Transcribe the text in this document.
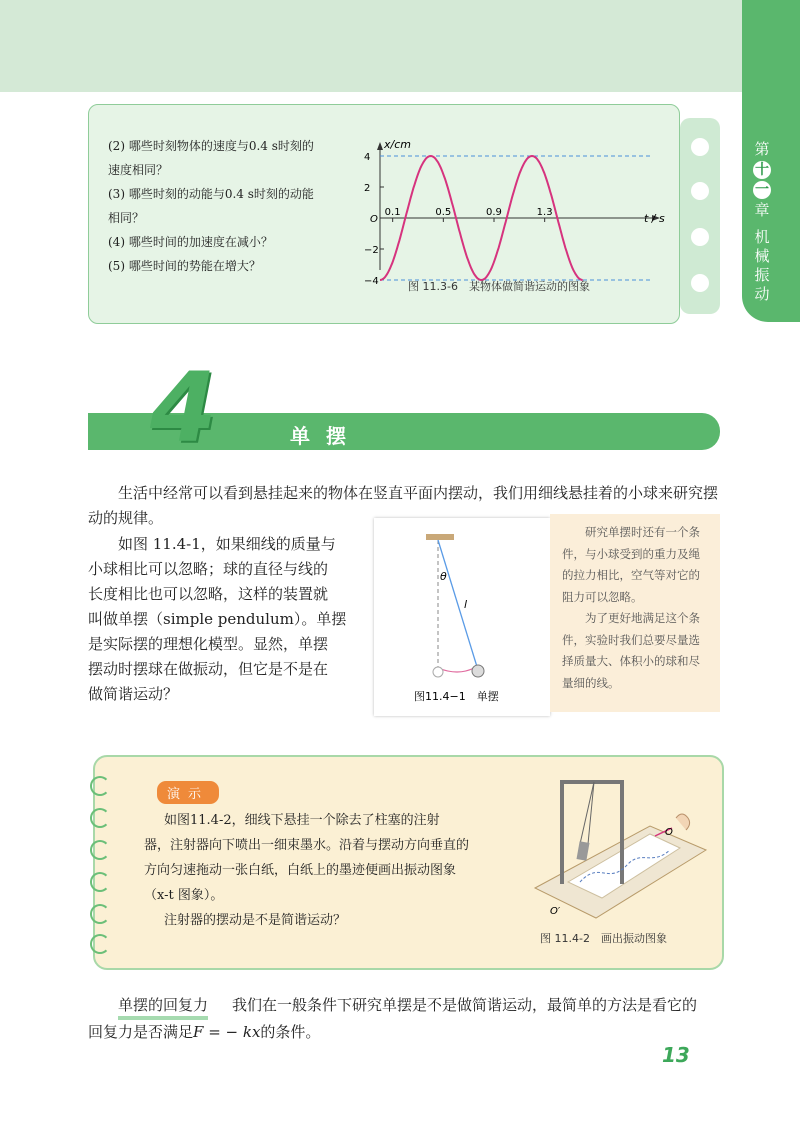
第
十
一
章
机
械
振
动
(2) 哪些时刻物体的速度与0.4 s时刻的
速度相同？
(3) 哪些时刻的动能与0.4 s时刻的动能
相同？
(4) 哪些时间的加速度在减小？
(5) 哪些时间的势能在增大？
x/cm
t / s
O
−4
−2
2
4
0.1	0.5	0.9	1.3
图 11.3-6　某物体做简谐运动的图象
4	单摆
生活中经常可以看到悬挂起来的物体在竖直平面内摆动，我们用细线悬挂着的小球来研究摆动的规律。
如图 11.4-1，如果细线的质量与
小球相比可以忽略；球的直径与线的
长度相比也可以忽略，这样的装置就
叫做单摆（simple pendulum）。单摆
是实际摆的理想化模型。显然，单摆
摆动时摆球在做振动，但它是不是在
做简谐运动？
θ
l
图11.4−1　单摆

研究单摆时还有一个条件，与小球受到的重力及绳的拉力相比，空气等对它的阻力可以忽略。

为了更好地满足这个条件，实验时我们总要尽量选择质量大、体积小的球和尽量细的线。

演示

如图11.4-2，细线下悬挂一个除去了柱塞的注射

器，注射器向下喷出一细束墨水。沿着与摆动方向垂直的

方向匀速拖动一张白纸，白纸上的墨迹便画出振动图象

（x-t 图象）。

注射器的摆动是不是简谐运动？

O′
O
图 11.4-2　画出振动图象
单摆的回复力 我们在一般条件下研究单摆是不是做简谐运动，最简单的方法是看它的
回复力是否满足F = − kx的条件。
13
